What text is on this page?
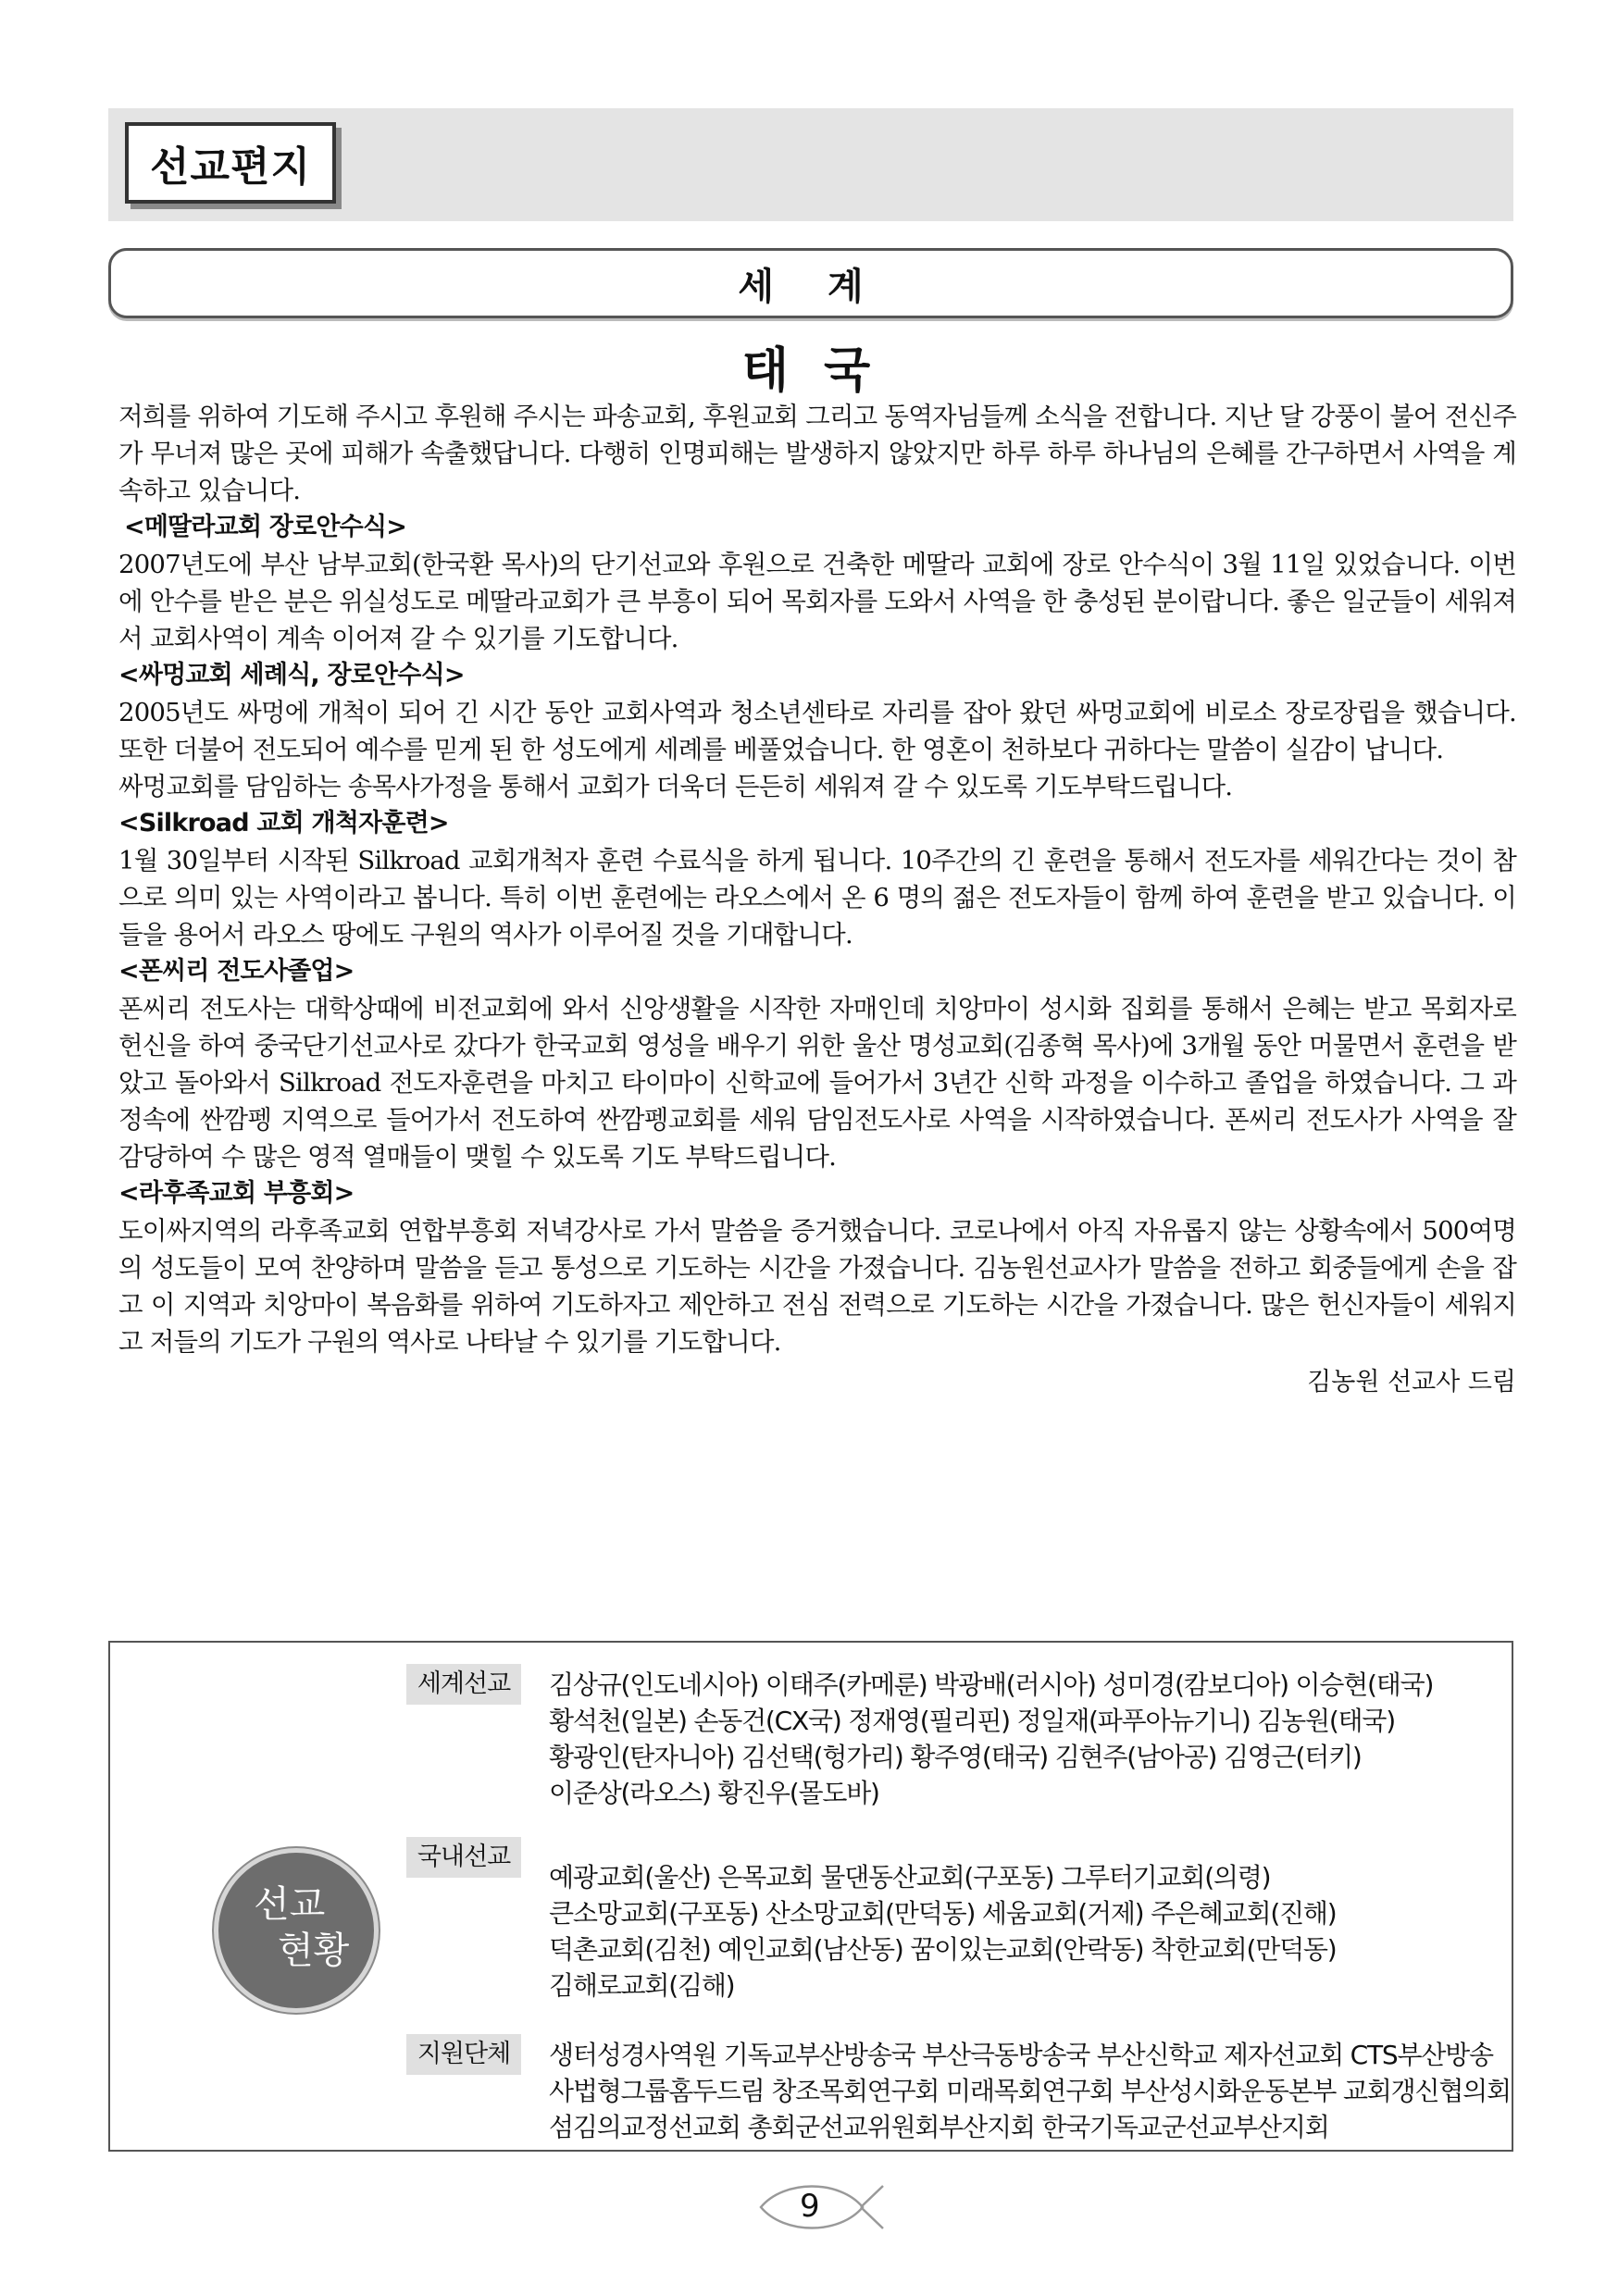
선교편지
세 계
태 국

저희를 위하여 기도해 주시고 후원해 주시는 파송교회, 후원교회 그리고 동역자님들께 소식을 전합니다. 지난 달 강풍이 불어 전신주가 무너져 많은 곳에 피해가 속출했답니다. 다행히 인명피해는 발생하지 않았지만 하루 하루 하나님의 은혜를 간구하면서 사역을 계속하고 있습니다.

<메딸라교회 장로안수식>

2007년도에 부산 남부교회(한국환 목사)의 단기선교와 후원으로 건축한 메딸라 교회에 장로 안수식이 3월 11일 있었습니다. 이번에 안수를 받은 분은 위실성도로 메딸라교회가 큰 부흥이 되어 목회자를 도와서 사역을 한 충성된 분이랍니다. 좋은 일군들이 세워져서 교회사역이 계속 이어져 갈 수 있기를 기도합니다.

<싸멍교회 세례식, 장로안수식>

2005년도 싸멍에 개척이 되어 긴 시간 동안 교회사역과 청소년센타로 자리를 잡아 왔던 싸멍교회에 비로소 장로장립을 했습니다. 또한 더불어 전도되어 예수를 믿게 된 한 성도에게 세례를 베풀었습니다. 한 영혼이 천하보다 귀하다는 말씀이 실감이 납니다.

싸멍교회를 담임하는 송목사가정을 통해서 교회가 더욱더 든든히 세워져 갈 수 있도록 기도부탁드립니다.

<Silkroad 교회 개척자훈련>

1월 30일부터 시작된 Silkroad 교회개척자 훈련 수료식을 하게 됩니다. 10주간의 긴 훈련을 통해서 전도자를 세워간다는 것이 참으로 의미 있는 사역이라고 봅니다. 특히 이번 훈련에는 라오스에서 온 6 명의 젊은 전도자들이 함께 하여 훈련을 받고 있습니다. 이들을 용어서 라오스 땅에도 구원의 역사가 이루어질 것을 기대합니다.

<폰씨리 전도사졸업>

폰씨리 전도사는 대학상때에 비전교회에 와서 신앙생활을 시작한 자매인데 치앙마이 성시화 집회를 통해서 은혜는 받고 목회자로 헌신을 하여 중국단기선교사로 갔다가 한국교회 영성을 배우기 위한 울산 명성교회(김종혁 목사)에 3개월 동안 머물면서 훈련을 받았고 돌아와서 Silkroad 전도자훈련을 마치고 타이마이 신학교에 들어가서 3년간 신학 과정을 이수하고 졸업을 하였습니다. 그 과정속에 싼깜펭 지역으로 들어가서 전도하여 싼깜펭교회를 세워 담임전도사로 사역을 시작하였습니다. 폰씨리 전도사가 사역을 잘 감당하여 수 많은 영적 열매들이 맺힐 수 있도록 기도 부탁드립니다.

<라후족교회 부흥회>

도이싸지역의 라후족교회 연합부흥회 저녁강사로 가서 말씀을 증거했습니다. 코로나에서 아직 자유롭지 않는 상황속에서 500여명의 성도들이 모여 찬양하며 말씀을 듣고 통성으로 기도하는 시간을 가졌습니다. 김농원선교사가 말씀을 전하고 회중들에게 손을 잡고 이 지역과 치앙마이 복음화를 위하여 기도하자고 제안하고 전심 전력으로 기도하는 시간을 가졌습니다. 많은 헌신자들이 세워지고 저들의 기도가 구원의 역사로 나타날 수 있기를 기도합니다.

김농원 선교사 드림

선교
현황
세계선교	김상규(인도네시아) 이태주(카메룬) 박광배(러시아) 성미경(캄보디아) 이승현(태국)
황석천(일본) 손동건(CX국) 정재영(필리핀) 정일재(파푸아뉴기니) 김농원(태국)
황광인(탄자니아) 김선택(헝가리) 황주영(태국) 김현주(남아공) 김영근(터키)
이준상(라오스) 황진우(몰도바)
국내선교
예광교회(울산) 은목교회 물댄동산교회(구포동) 그루터기교회(의령)
큰소망교회(구포동) 산소망교회(만덕동) 세움교회(거제) 주은혜교회(진해)
덕촌교회(김천) 예인교회(남산동) 꿈이있는교회(안락동) 착한교회(만덕동)
김해로교회(김해)
지원단체	생터성경사역원 기독교부산방송국 부산극동방송국 부산신학교 제자선교회 CTS부산방송
사법형그룹홈두드림 창조목회연구회 미래목회연구회 부산성시화운동본부 교회갱신협의회
섬김의교정선교회 총회군선교위원회부산지회 한국기독교군선교부산지회
9
